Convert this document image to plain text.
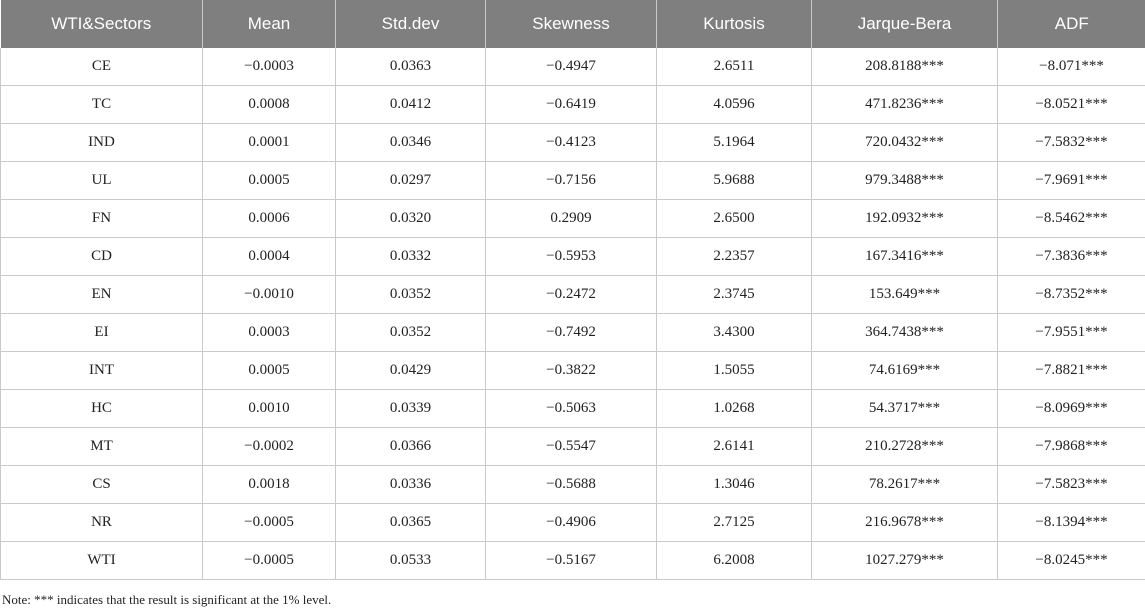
WTI&Sectors	Mean	Std.dev	Skewness	Kurtosis	Jarque-Bera	ADF
CE	−0.0003	0.0363	−0.4947	2.6511	208.8188***	−8.071***
TC	0.0008	0.0412	−0.6419	4.0596	471.8236***	−8.0521***
IND	0.0001	0.0346	−0.4123	5.1964	720.0432***	−7.5832***
UL	0.0005	0.0297	−0.7156	5.9688	979.3488***	−7.9691***
FN	0.0006	0.0320	0.2909	2.6500	192.0932***	−8.5462***
CD	0.0004	0.0332	−0.5953	2.2357	167.3416***	−7.3836***
EN	−0.0010	0.0352	−0.2472	2.3745	153.649***	−8.7352***
EI	0.0003	0.0352	−0.7492	3.4300	364.7438***	−7.9551***
INT	0.0005	0.0429	−0.3822	1.5055	74.6169***	−7.8821***
HC	0.0010	0.0339	−0.5063	1.0268	54.3717***	−8.0969***
MT	−0.0002	0.0366	−0.5547	2.6141	210.2728***	−7.9868***
CS	0.0018	0.0336	−0.5688	1.3046	78.2617***	−7.5823***
NR	−0.0005	0.0365	−0.4906	2.7125	216.9678***	−8.1394***
WTI	−0.0005	0.0533	−0.5167	6.2008	1027.279***	−8.0245***
Note: *** indicates that the result is significant at the 1% level.
